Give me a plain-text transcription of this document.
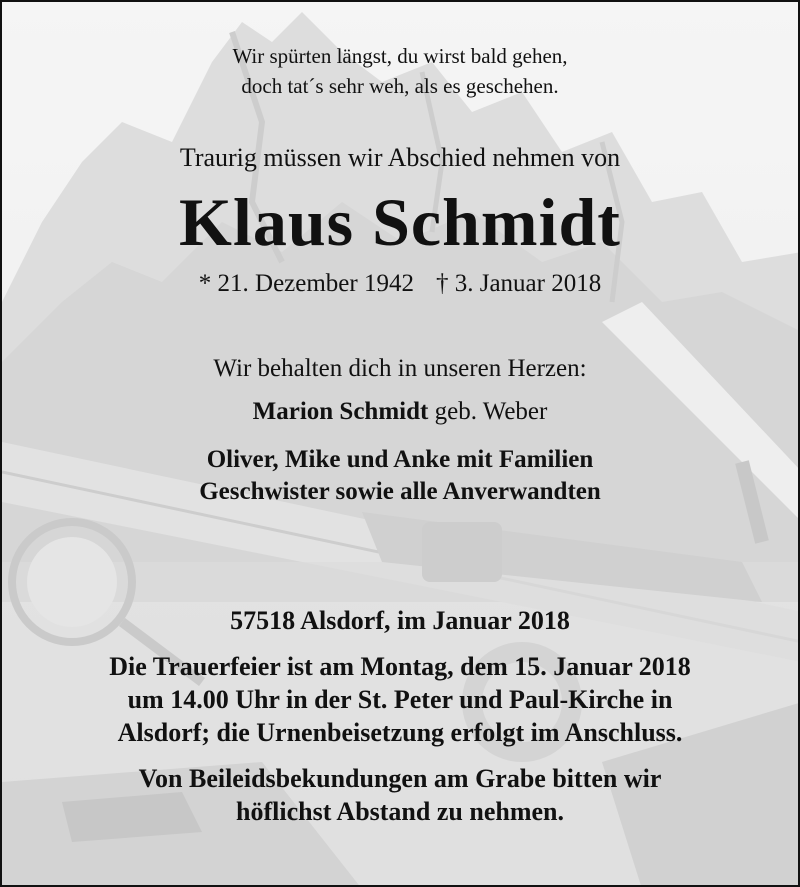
Wir spürten längst, du wirst bald gehen,
doch tat´s sehr weh, als es geschehen.
Traurig müssen wir Abschied nehmen von
Klaus Schmidt
* 21. Dezember 1942 † 3. Januar 2018
Wir behalten dich in unseren Herzen:
Marion Schmidt geb. Weber
Oliver, Mike und Anke mit Familien
Geschwister sowie alle Anverwandten
57518 Alsdorf, im Januar 2018
Die Trauerfeier ist am Montag, dem 15. Januar 2018
um 14.00 Uhr in der St. Peter und Paul-Kirche in
Alsdorf; die Urnenbeisetzung erfolgt im Anschluss.
Von Beileidsbekundungen am Grabe bitten wir
höflichst Abstand zu nehmen.
